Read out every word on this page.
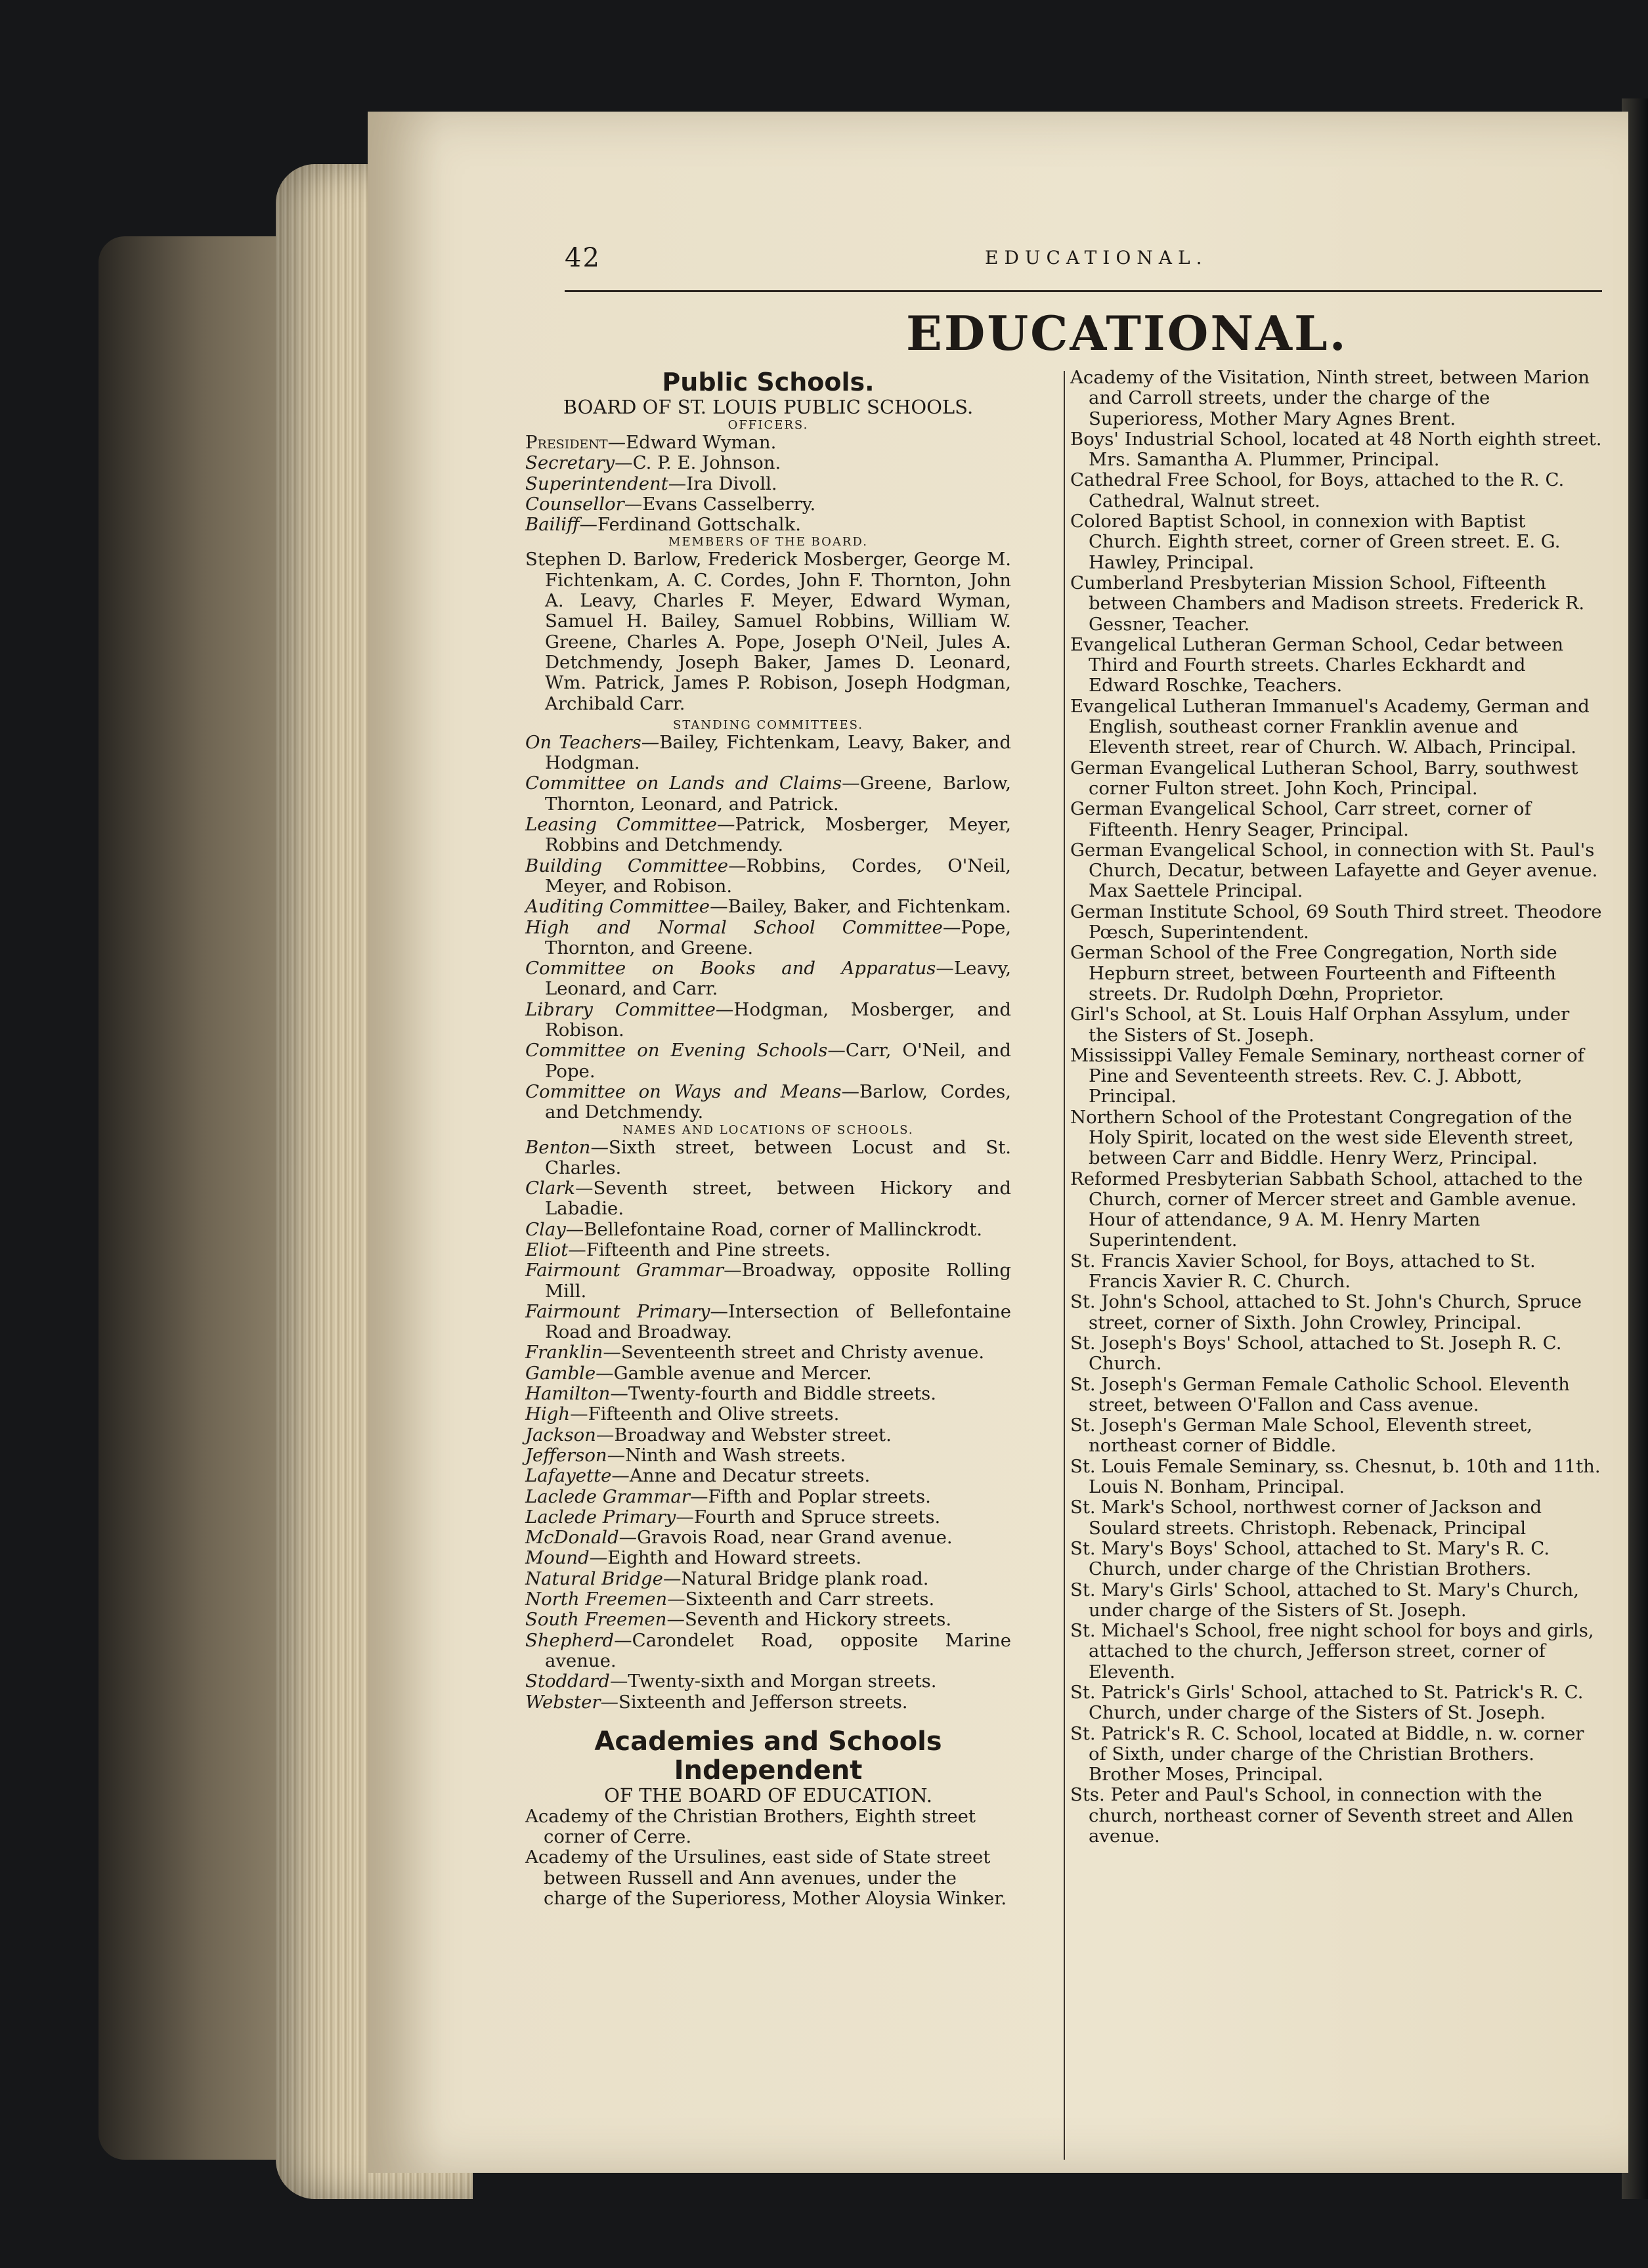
42	EDUCATIONAL.
EDUCATIONAL.
Public Schools.
BOARD OF ST. LOUIS PUBLIC SCHOOLS.
OFFICERS.
President—Edward Wyman.
Secretary—C. P. E. Johnson.
Superintendent—Ira Divoll.
Counsellor—Evans Casselberry.
Bailiff—Ferdinand Gottschalk.
MEMBERS OF THE BOARD.
Stephen D. Barlow, Frederick Mosberger, George M. Fichtenkam, A. C. Cordes, John F. Thornton, John A. Leavy, Charles F. Meyer, Edward Wyman, Samuel H. Bailey, Samuel Robbins, William W. Greene, Charles A. Pope, Joseph O'Neil, Jules A. Detchmendy, Joseph Baker, James D. Leonard, Wm. Patrick, James P. Robison, Joseph Hodgman, Archibald Carr.
STANDING COMMITTEES.
On Teachers—Bailey, Fichtenkam, Leavy, Baker, and Hodgman.
Committee on Lands and Claims—Greene, Barlow, Thornton, Leonard, and Patrick.
Leasing Committee—Patrick, Mosberger, Meyer, Robbins and Detchmendy.
Building Committee—Robbins, Cordes, O'Neil, Meyer, and Robison.
Auditing Committee—Bailey, Baker, and Fichtenkam.
High and Normal School Committee—Pope, Thornton, and Greene.
Committee on Books and Apparatus—Leavy, Leonard, and Carr.
Library Committee—Hodgman, Mosberger, and Robison.
Committee on Evening Schools—Carr, O'Neil, and Pope.
Committee on Ways and Means—Barlow, Cordes, and Detchmendy.
NAMES AND LOCATIONS OF SCHOOLS.
Benton—Sixth street, between Locust and St. Charles.
Clark—Seventh street, between Hickory and Labadie.
Clay—Bellefontaine Road, corner of Mallinckrodt.
Eliot—Fifteenth and Pine streets.
Fairmount Grammar—Broadway, opposite Rolling Mill.
Fairmount Primary—Intersection of Bellefontaine Road and Broadway.
Franklin—Seventeenth street and Christy avenue.
Gamble—Gamble avenue and Mercer.
Hamilton—Twenty-fourth and Biddle streets.
High—Fifteenth and Olive streets.
Jackson—Broadway and Webster street.
Jefferson—Ninth and Wash streets.
Lafayette—Anne and Decatur streets.
Laclede Grammar—Fifth and Poplar streets.
Laclede Primary—Fourth and Spruce streets.
McDonald—Gravois Road, near Grand avenue.
Mound—Eighth and Howard streets.
Natural Bridge—Natural Bridge plank road.
North Freemen—Sixteenth and Carr streets.
South Freemen—Seventh and Hickory streets.
Shepherd—Carondelet Road, opposite Marine avenue.
Stoddard—Twenty-sixth and Morgan streets.
Webster—Sixteenth and Jefferson streets.
Academies and Schools Independent
OF THE BOARD OF EDUCATION.
Academy of the Christian Brothers, Eighth street corner of Cerre.
Academy of the Ursulines, east side of State street between Russell and Ann avenues, under the charge of the Superioress, Mother Aloysia Winker.
Academy of the Visitation, Ninth street, between Marion and Carroll streets, under the charge of the Superioress, Mother Mary Agnes Brent.
Boys' Industrial School, located at 48 North eighth street. Mrs. Samantha A. Plummer, Principal.
Cathedral Free School, for Boys, attached to the R. C. Cathedral, Walnut street.
Colored Baptist School, in connexion with Baptist Church. Eighth street, corner of Green street. E. G. Hawley, Principal.
Cumberland Presbyterian Mission School, Fifteenth between Chambers and Madison streets. Frederick R. Gessner, Teacher.
Evangelical Lutheran German School, Cedar between Third and Fourth streets. Charles Eckhardt and Edward Roschke, Teachers.
Evangelical Lutheran Immanuel's Academy, German and English, southeast corner Franklin avenue and Eleventh street, rear of Church. W. Albach, Principal.
German Evangelical Lutheran School, Barry, southwest corner Fulton street. John Koch, Principal.
German Evangelical School, Carr street, corner of Fifteenth. Henry Seager, Principal.
German Evangelical School, in connection with St. Paul's Church, Decatur, between Lafayette and Geyer avenue. Max Saettele Principal.
German Institute School, 69 South Third street. Theodore Pœsch, Superintendent.
German School of the Free Congregation, North side Hepburn street, between Fourteenth and Fifteenth streets. Dr. Rudolph Dœhn, Proprietor.
Girl's School, at St. Louis Half Orphan Assylum, under the Sisters of St. Joseph.
Mississippi Valley Female Seminary, northeast corner of Pine and Seventeenth streets. Rev. C. J. Abbott, Principal.
Northern School of the Protestant Congregation of the Holy Spirit, located on the west side Eleventh street, between Carr and Biddle. Henry Werz, Principal.
Reformed Presbyterian Sabbath School, attached to the Church, corner of Mercer street and Gamble avenue. Hour of attendance, 9 A. M. Henry Marten Superintendent.
St. Francis Xavier School, for Boys, attached to St. Francis Xavier R. C. Church.
St. John's School, attached to St. John's Church, Spruce street, corner of Sixth. John Crowley, Principal.
St. Joseph's Boys' School, attached to St. Joseph R. C. Church.
St. Joseph's German Female Catholic School. Eleventh street, between O'Fallon and Cass avenue.
St. Joseph's German Male School, Eleventh street, northeast corner of Biddle.
St. Louis Female Seminary, ss. Chesnut, b. 10th and 11th. Louis N. Bonham, Principal.
St. Mark's School, northwest corner of Jackson and Soulard streets. Christoph. Rebenack, Principal
St. Mary's Boys' School, attached to St. Mary's R. C. Church, under charge of the Christian Brothers.
St. Mary's Girls' School, attached to St. Mary's Church, under charge of the Sisters of St. Joseph.
St. Michael's School, free night school for boys and girls, attached to the church, Jefferson street, corner of Eleventh.
St. Patrick's Girls' School, attached to St. Patrick's R. C. Church, under charge of the Sisters of St. Joseph.
St. Patrick's R. C. School, located at Biddle, n. w. corner of Sixth, under charge of the Christian Brothers. Brother Moses, Principal.
Sts. Peter and Paul's School, in connection with the church, northeast corner of Seventh street and Allen avenue.
